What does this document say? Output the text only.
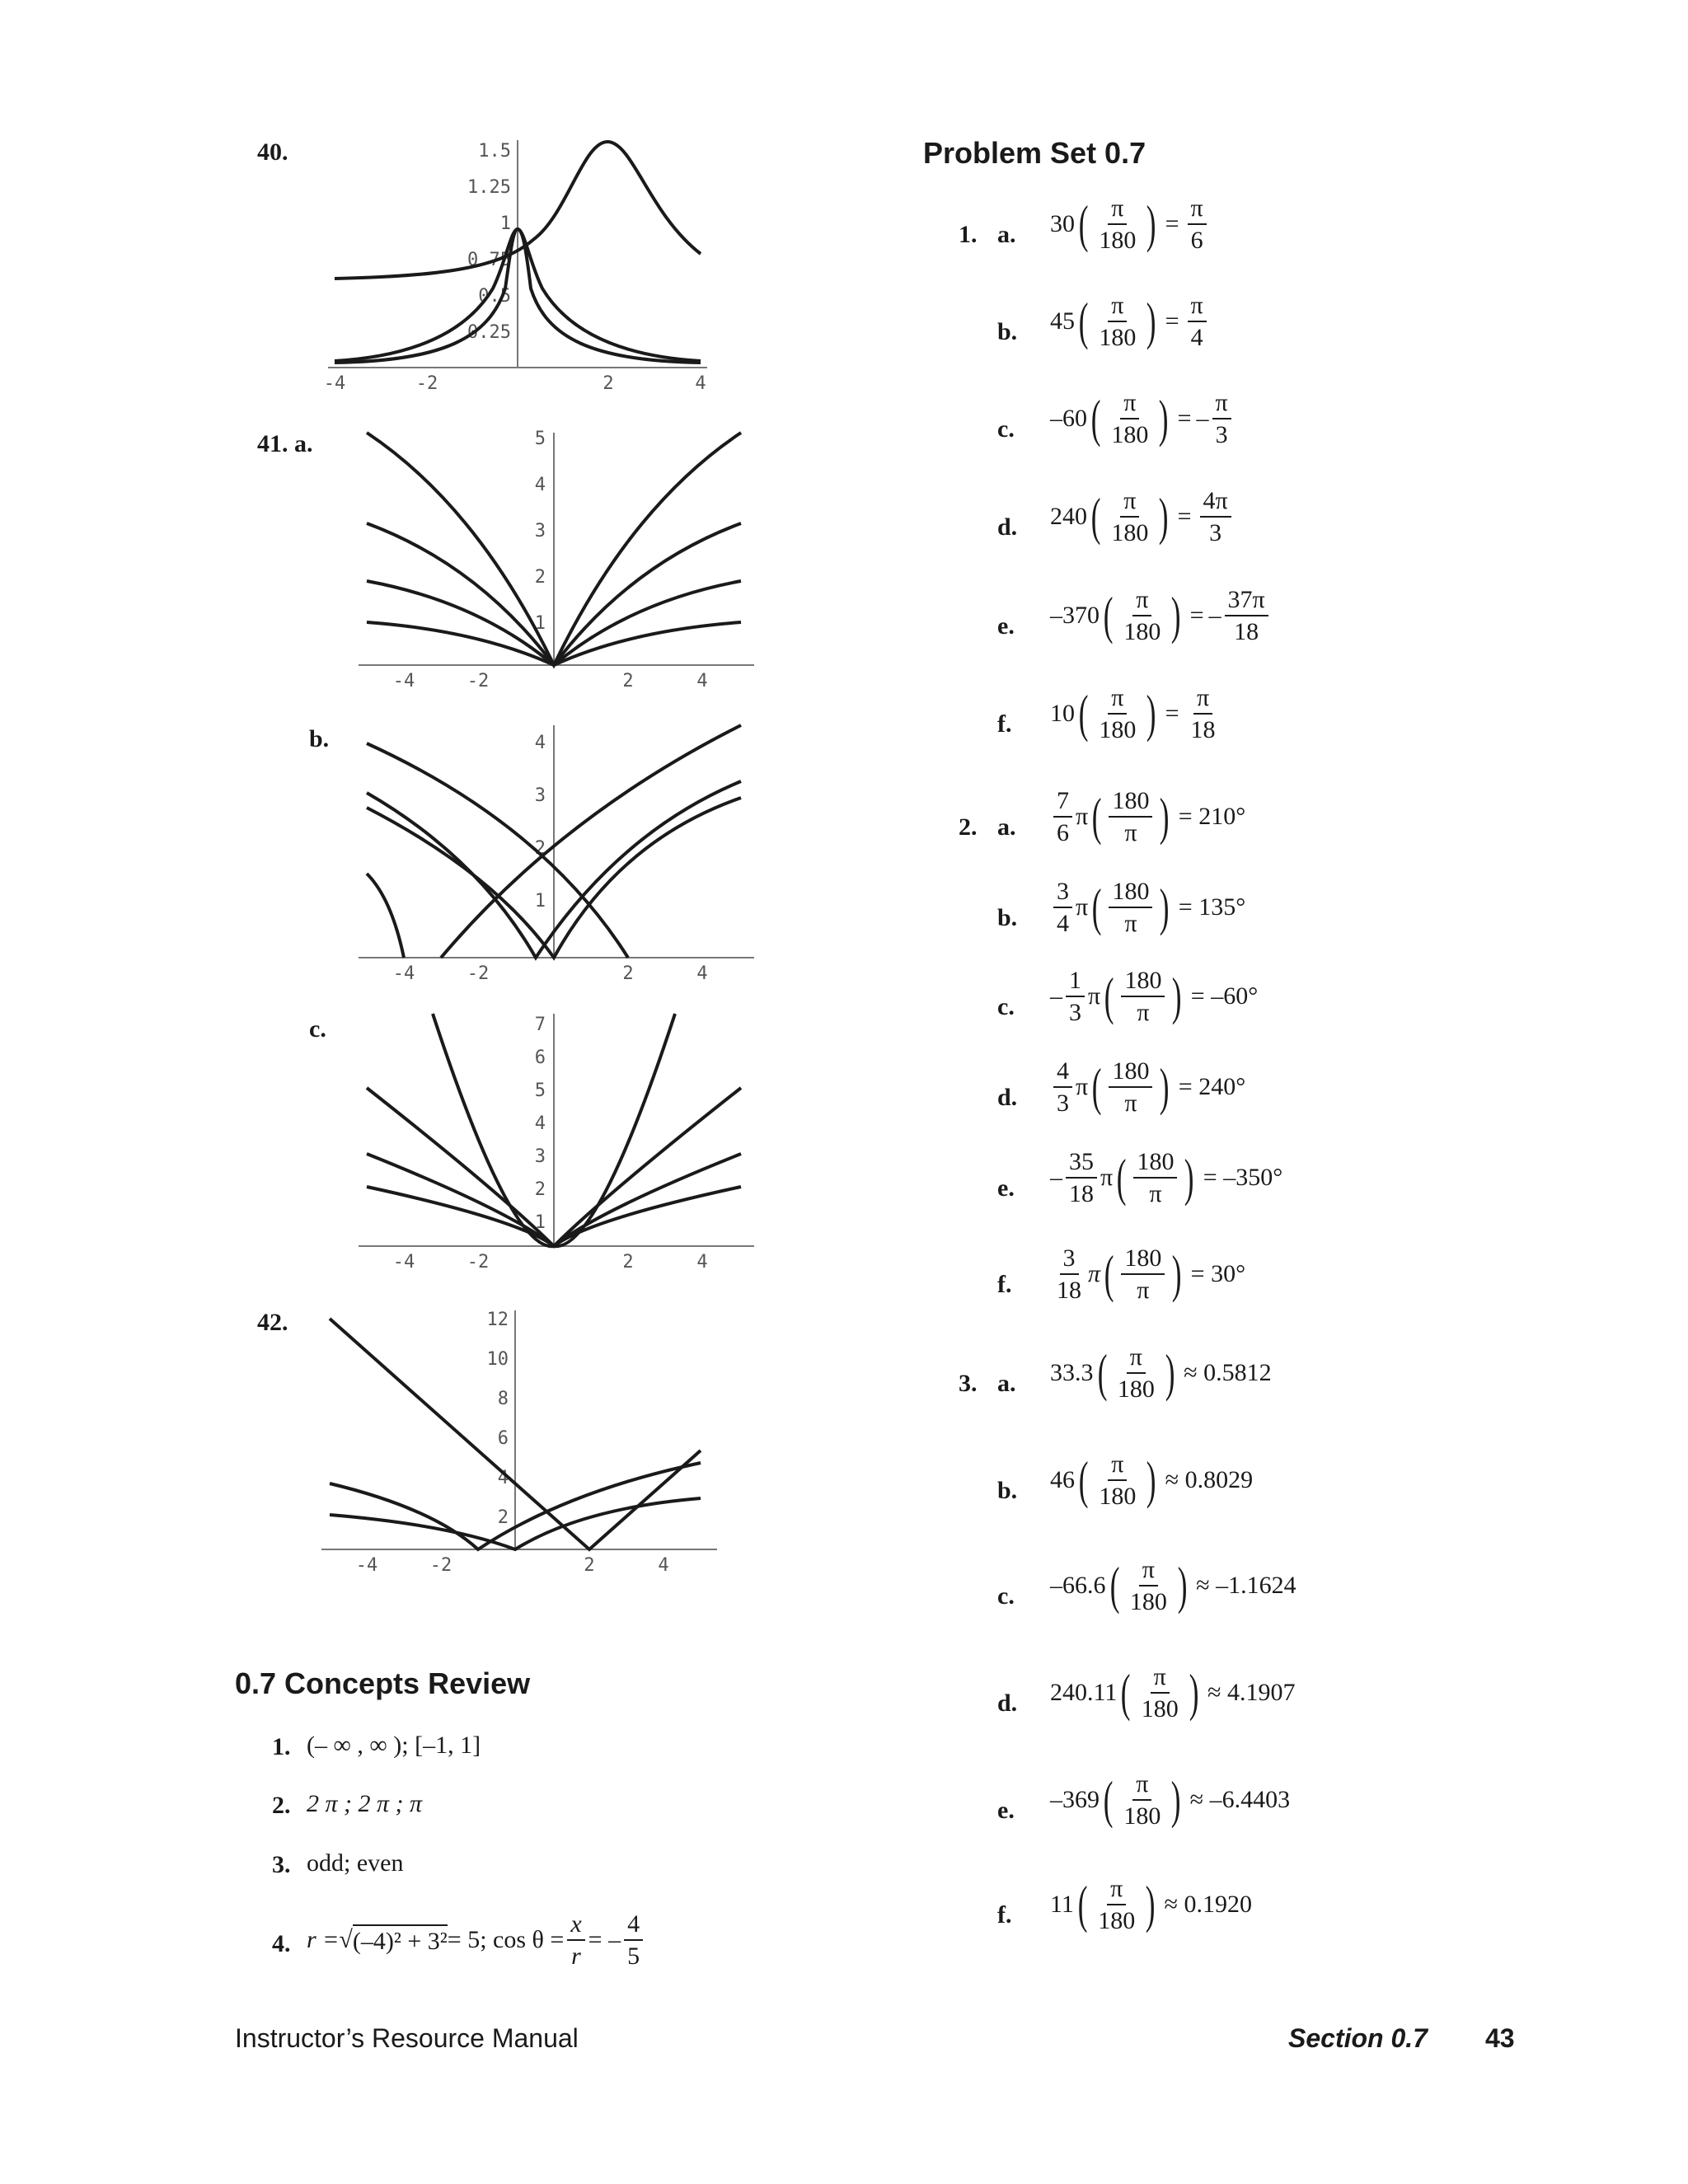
40.	1.5
1.25
1
0.75
0.5
0.25
-4	-2	2	4
41. a.	5
4
3
2
1
-4	-2	2	4
b.	4
3
2
1
-4	-2	2	4
c.	7
6
5
4
3
2
1
-4	-2	2	4
42.	12
10
8
6
4
2
-4	-2	2	4
0.7 Concepts Review
1. (– ∞ , ∞ ); [–1, 1]
2. 2 π ; 2 π ; π
3. odd; even
4. r = √ (–4)² + 3² = 5; $\cos \theta = \frac{x}{r}$ = – $\frac{4}{5}$
Problem Set 0.7
1. a. 30 ( $\frac{\pi}{180}$ ) = $\frac{\pi}{6}$
b. 45 ( $\frac{\pi}{180}$ ) = $\frac{\pi}{4}$
c. –60 ( $\frac{\pi}{180}$ ) = – $\frac{\pi}{3}$
d. 240 ( $\frac{\pi}{180}$ ) = $\frac{4\pi}{3}$
e. –370 ( $\frac{\pi}{180}$ ) = – $\frac{37\pi}{18}$
f. 10 ( $\frac{\pi}{180}$ ) = $\frac{\pi}{18}$
2. a. $\frac{7}{6}$ π ( $\frac{180}{\pi}$ ) = 210°
b. $\frac{3}{4}$ π ( $\frac{180}{\pi}$ ) = 135°
c. – $\frac{1}{3}$ π ( $\frac{180}{\pi}$ ) = –60°
d. $\frac{4}{3}$ π ( $\frac{180}{\pi}$ ) = 240°
e. – $\frac{35}{18}$ π ( $\frac{180}{\pi}$ ) = –350°
f. $\frac{3}{18}$ π ( $\frac{180}{\pi}$ ) = 30°
3. a. 33.3 ( $\frac{\pi}{180}$ ) ≈ 0.5812
b. 46 ( $\frac{\pi}{180}$ ) ≈ 0.8029
c. –66.6 ( $\frac{\pi}{180}$ ) ≈ –1.1624
d. 240.11 ( $\frac{\pi}{180}$ ) ≈ 4.1907
e. –369 ( $\frac{\pi}{180}$ ) ≈ –6.4403
f. 11 ( $\frac{\pi}{180}$ ) ≈ 0.1920
Instructor’s Resource Manual	Section 0.7 43
